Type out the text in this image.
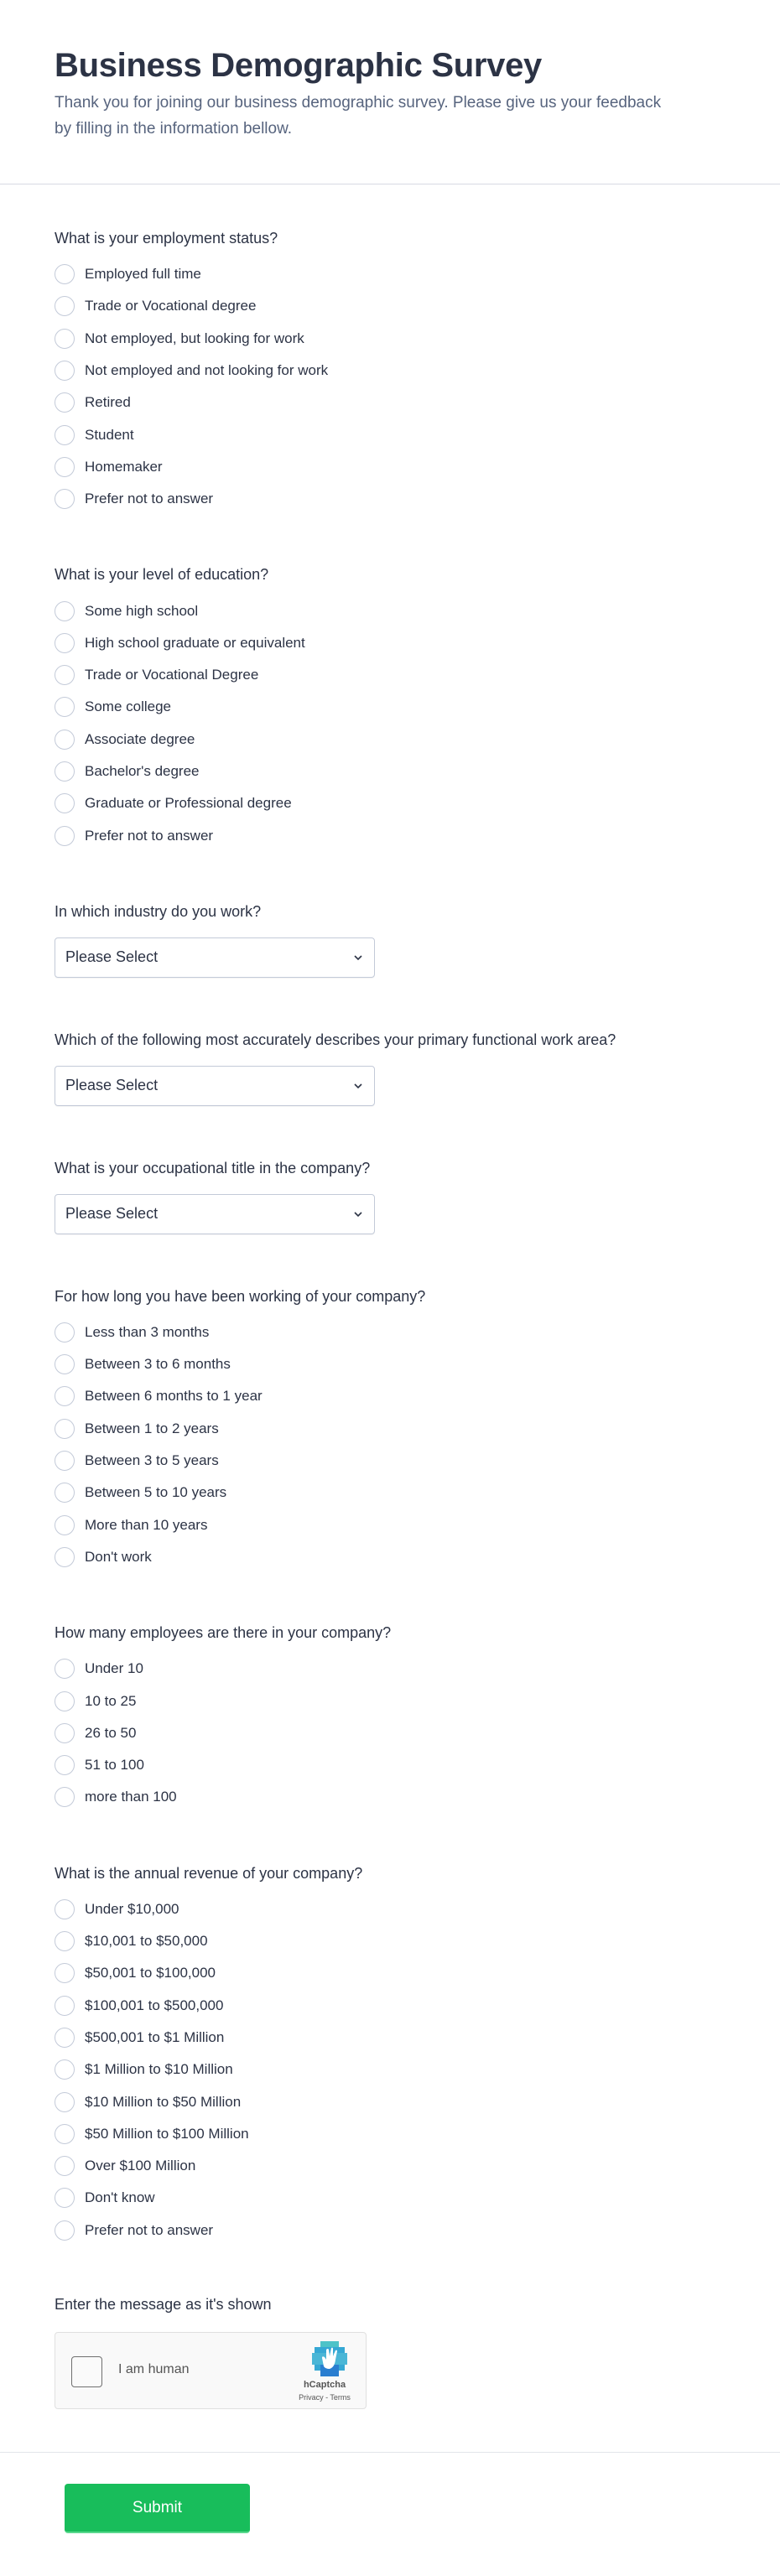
Business Demographic Survey

Thank you for joining our business demographic survey. Please give us your feedback by filling in the information bellow.

What is your employment status?
Employed full time
Trade or Vocational degree
Not employed, but looking for work
Not employed and not looking for work
Retired
Student
Homemaker
Prefer not to answer
What is your level of education?
Some high school
High school graduate or equivalent
Trade or Vocational Degree
Some college
Associate degree
Bachelor's degree
Graduate or Professional degree
Prefer not to answer
In which industry do you work?
Please Select
Which of the following most accurately describes your primary functional work area?
Please Select
What is your occupational title in the company?
Please Select
For how long you have been working of your company?
Less than 3 months
Between 3 to 6 months
Between 6 months to 1 year
Between 1 to 2 years
Between 3 to 5 years
Between 5 to 10 years
More than 10 years
Don't work
How many employees are there in your company?
Under 10
10 to 25
26 to 50
51 to 100
more than 100
What is the annual revenue of your company?
Under $10,000
$10,001 to $50,000
$50,001 to $100,000
$100,001 to $500,000
$500,001 to $1 Million
$1 Million to $10 Million
$10 Million to $50 Million
$50 Million to $100 Million
Over $100 Million
Don't know
Prefer not to answer
Enter the message as it's shown
I am human
hCaptcha
Privacy - Terms
Submit
